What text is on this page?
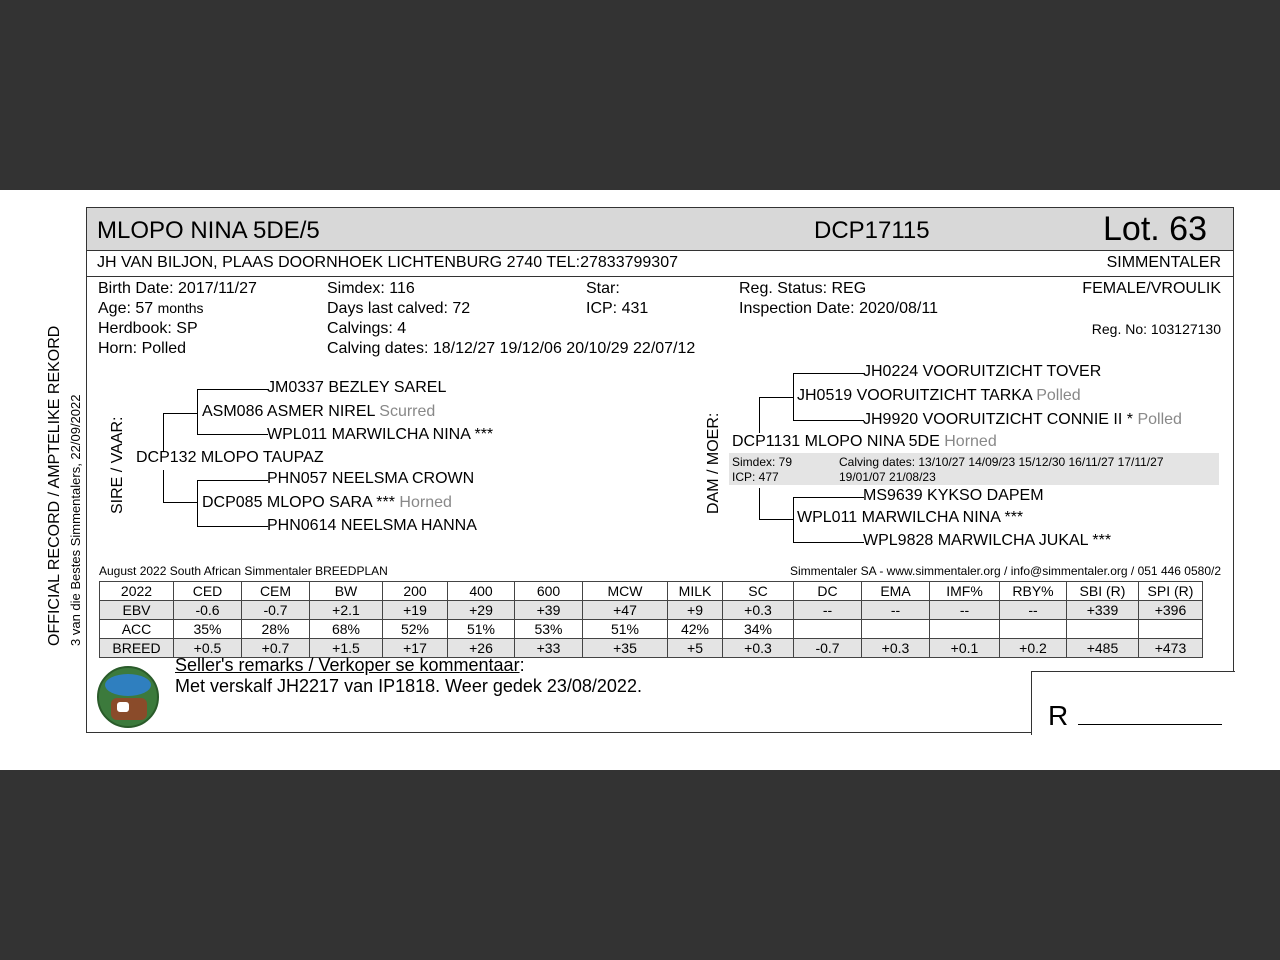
OFFICIAL RECORD / AMPTELIKE REKORD 3 van die Bestes Simmentalers, 22/09/2022
MLOPO NINA 5DE/5	DCP17115	Lot. 63
JH VAN BILJON, PLAAS DOORNHOEK LICHTENBURG 2740 TEL:27833799307	SIMMENTALER
Birth Date: 2017/11/27
Age: 57 months
Herdbook: SP
Horn: Polled
Simdex: 116
Days last calved: 72
Calvings: 4
Calving dates: 18/12/27 19/12/06 20/10/29 22/07/12
Star:
ICP: 431
Reg. Status: REG
Inspection Date: 2020/08/11
FEMALE/VROULIK
Reg. No: 103127130
SIRE / VAAR:
JM0337 BEZLEY SAREL
ASM086 ASMER NIREL Scurred
WPL011 MARWILCHA NINA ***
DCP132 MLOPO TAUPAZ
PHN057 NEELSMA CROWN
DCP085 MLOPO SARA *** Horned
PHN0614 NEELSMA HANNA
DAM / MOER:
JH0224 VOORUITZICHT TOVER
JH0519 VOORUITZICHT TARKA Polled
JH9920 VOORUITZICHT CONNIE II * Polled
DCP1131 MLOPO NINA 5DE Horned
Simdex: 79
ICP: 477
Calving dates: 13/10/27 14/09/23 15/12/30 16/11/27 17/11/27
19/01/07 21/08/23
MS9639 KYKSO DAPEM
WPL011 MARWILCHA NINA ***
WPL9828 MARWILCHA JUKAL ***
August 2022 South African Simmentaler BREEDPLAN	Simmentaler SA - www.simmentaler.org / info@simmentaler.org / 051 446 0580/2
2022	CED	CEM	BW	200	400	600	MCW	MILK	SC	DC	EMA	IMF%	RBY%	SBI (R)	SPI (R)
EBV	-0.6	-0.7	+2.1	+19	+29	+39	+47	+9	+0.3	--	--	--	--	+339	+396
ACC	35%	28%	68%	52%	51%	53%	51%	42%	34%						
BREED	+0.5	+0.7	+1.5	+17	+26	+33	+35	+5	+0.3	-0.7	+0.3	+0.1	+0.2	+485	+473
Seller's remarks / Verkoper se kommentaar:
Met verskalf JH2217 van IP1818. Weer gedek 23/08/2022.
R
